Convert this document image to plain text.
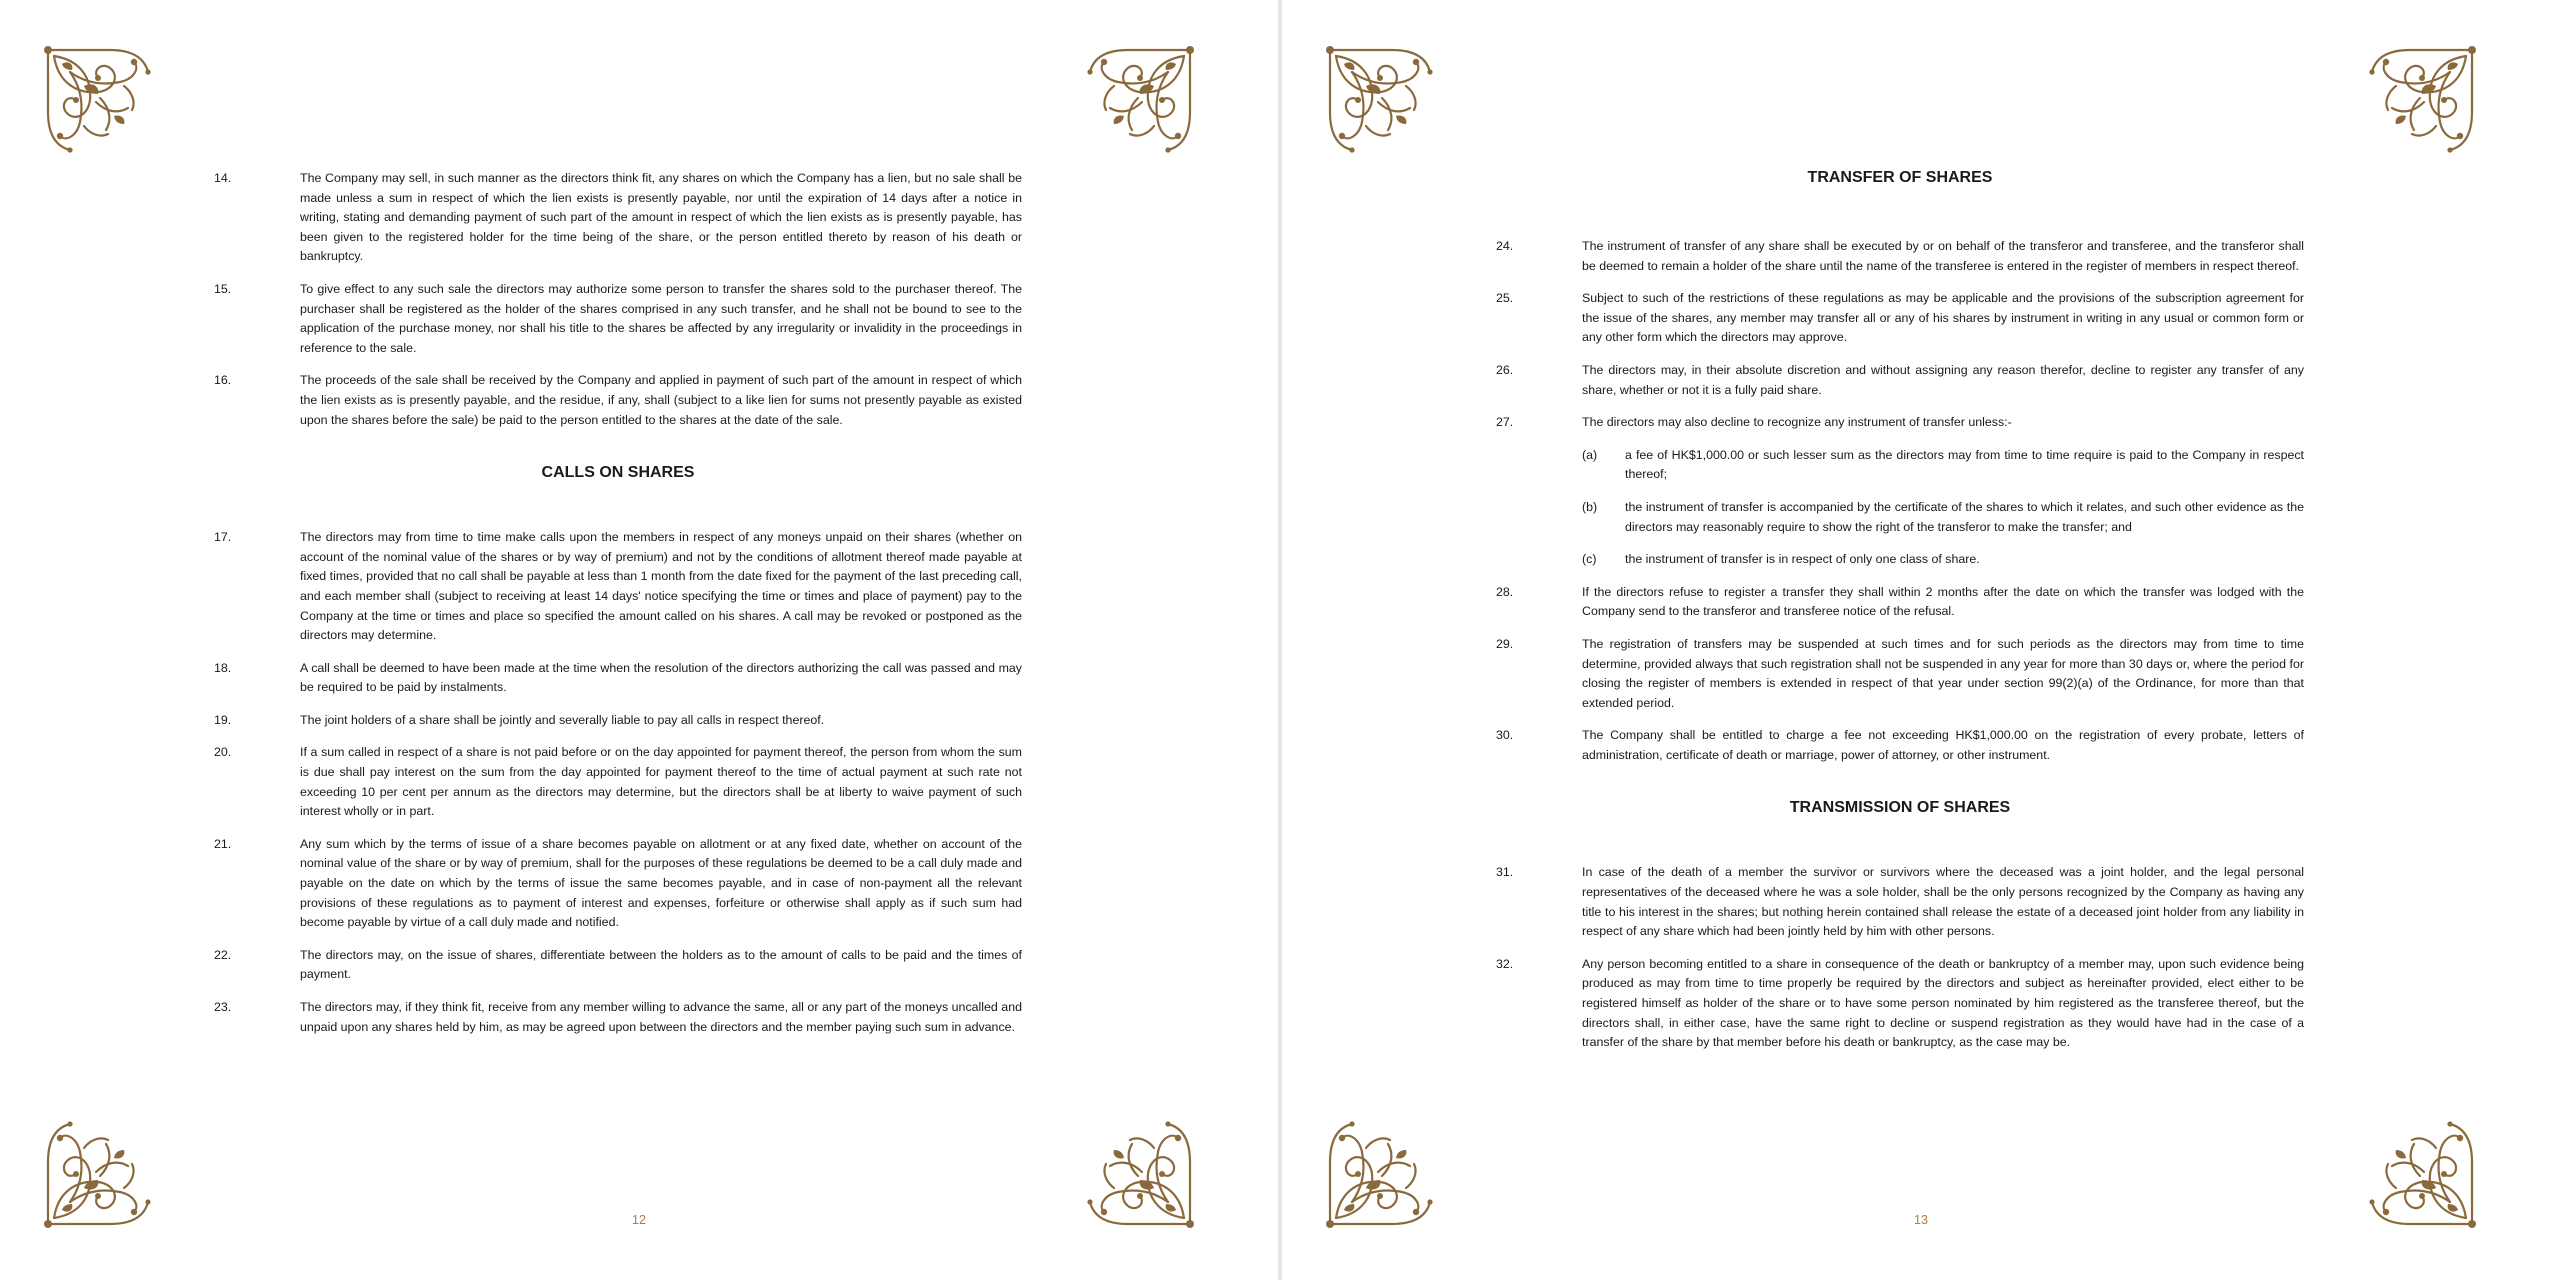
14.	The Company may sell, in such manner as the directors think fit, any shares on which the Company has a lien, but no sale shall be made unless a sum in respect of which the lien exists is presently payable, nor until the expiration of 14 days after a notice in writing, stating and demanding payment of such part of the amount in respect of which the lien exists as is presently payable, has been given to the registered holder for the time being of the share, or the person entitled thereto by reason of his death or bankruptcy.
15.	To give effect to any such sale the directors may authorize some person to transfer the shares sold to the purchaser thereof. The purchaser shall be registered as the holder of the shares comprised in any such transfer, and he shall not be bound to see to the application of the purchase money, nor shall his title to the shares be affected by any irregularity or invalidity in the proceedings in reference to the sale.
16.	The proceeds of the sale shall be received by the Company and applied in payment of such part of the amount in respect of which the lien exists as is presently payable, and the residue, if any, shall (subject to a like lien for sums not presently payable as existed upon the shares before the sale) be paid to the person entitled to the shares at the date of the sale.
CALLS ON SHARES
17.	The directors may from time to time make calls upon the members in respect of any moneys unpaid on their shares (whether on account of the nominal value of the shares or by way of premium) and not by the conditions of allotment thereof made payable at fixed times, provided that no call shall be payable at less than 1 month from the date fixed for the payment of the last preceding call, and each member shall (subject to receiving at least 14 days' notice specifying the time or times and place of payment) pay to the Company at the time or times and place so specified the amount called on his shares. A call may be revoked or postponed as the directors may determine.
18.	A call shall be deemed to have been made at the time when the resolution of the directors authorizing the call was passed and may be required to be paid by instalments.
19.	The joint holders of a share shall be jointly and severally liable to pay all calls in respect thereof.
20.	If a sum called in respect of a share is not paid before or on the day appointed for payment thereof, the person from whom the sum is due shall pay interest on the sum from the day appointed for payment thereof to the time of actual payment at such rate not exceeding 10 per cent per annum as the directors may determine, but the directors shall be at liberty to waive payment of such interest wholly or in part.
21.	Any sum which by the terms of issue of a share becomes payable on allotment or at any fixed date, whether on account of the nominal value of the share or by way of premium, shall for the purposes of these regulations be deemed to be a call duly made and payable on the date on which by the terms of issue the same becomes payable, and in case of non-payment all the relevant provisions of these regulations as to payment of interest and expenses, forfeiture or otherwise shall apply as if such sum had become payable by virtue of a call duly made and notified.
22.	The directors may, on the issue of shares, differentiate between the holders as to the amount of calls to be paid and the times of payment.
23.	The directors may, if they think fit, receive from any member willing to advance the same, all or any part of the moneys uncalled and unpaid upon any shares held by him, as may be agreed upon between the directors and the member paying such sum in advance.
12
TRANSFER OF SHARES
24.	The instrument of transfer of any share shall be executed by or on behalf of the transferor and transferee, and the transferor shall be deemed to remain a holder of the share until the name of the transferee is entered in the register of members in respect thereof.
25.	Subject to such of the restrictions of these regulations as may be applicable and the provisions of the subscription agreement for the issue of the shares, any member may transfer all or any of his shares by instrument in writing in any usual or common form or any other form which the directors may approve.
26.	The directors may, in their absolute discretion and without assigning any reason therefor, decline to register any transfer of any share, whether or not it is a fully paid share.
27.	The directors may also decline to recognize any instrument of transfer unless:-
(a)	a fee of HK$1,000.00 or such lesser sum as the directors may from time to time require is paid to the Company in respect thereof;
(b)	the instrument of transfer is accompanied by the certificate of the shares to which it relates, and such other evidence as the directors may reasonably require to show the right of the transferor to make the transfer; and
(c)	the instrument of transfer is in respect of only one class of share.
28.	If the directors refuse to register a transfer they shall within 2 months after the date on which the transfer was lodged with the Company send to the transferor and transferee notice of the refusal.
29.	The registration of transfers may be suspended at such times and for such periods as the directors may from time to time determine, provided always that such registration shall not be suspended in any year for more than 30 days or, where the period for closing the register of members is extended in respect of that year under section 99(2)(a) of the Ordinance, for more than that extended period.
30.	The Company shall be entitled to charge a fee not exceeding HK$1,000.00 on the registration of every probate, letters of administration, certificate of death or marriage, power of attorney, or other instrument.
TRANSMISSION OF SHARES
31.	In case of the death of a member the survivor or survivors where the deceased was a joint holder, and the legal personal representatives of the deceased where he was a sole holder, shall be the only persons recognized by the Company as having any title to his interest in the shares; but nothing herein contained shall release the estate of a deceased joint holder from any liability in respect of any share which had been jointly held by him with other persons.
32.	Any person becoming entitled to a share in consequence of the death or bankruptcy of a member may, upon such evidence being produced as may from time to time properly be required by the directors and subject as hereinafter provided, elect either to be registered himself as holder of the share or to have some person nominated by him registered as the transferee thereof, but the directors shall, in either case, have the same right to decline or suspend registration as they would have had in the case of a transfer of the share by that member before his death or bankruptcy, as the case may be.
13
